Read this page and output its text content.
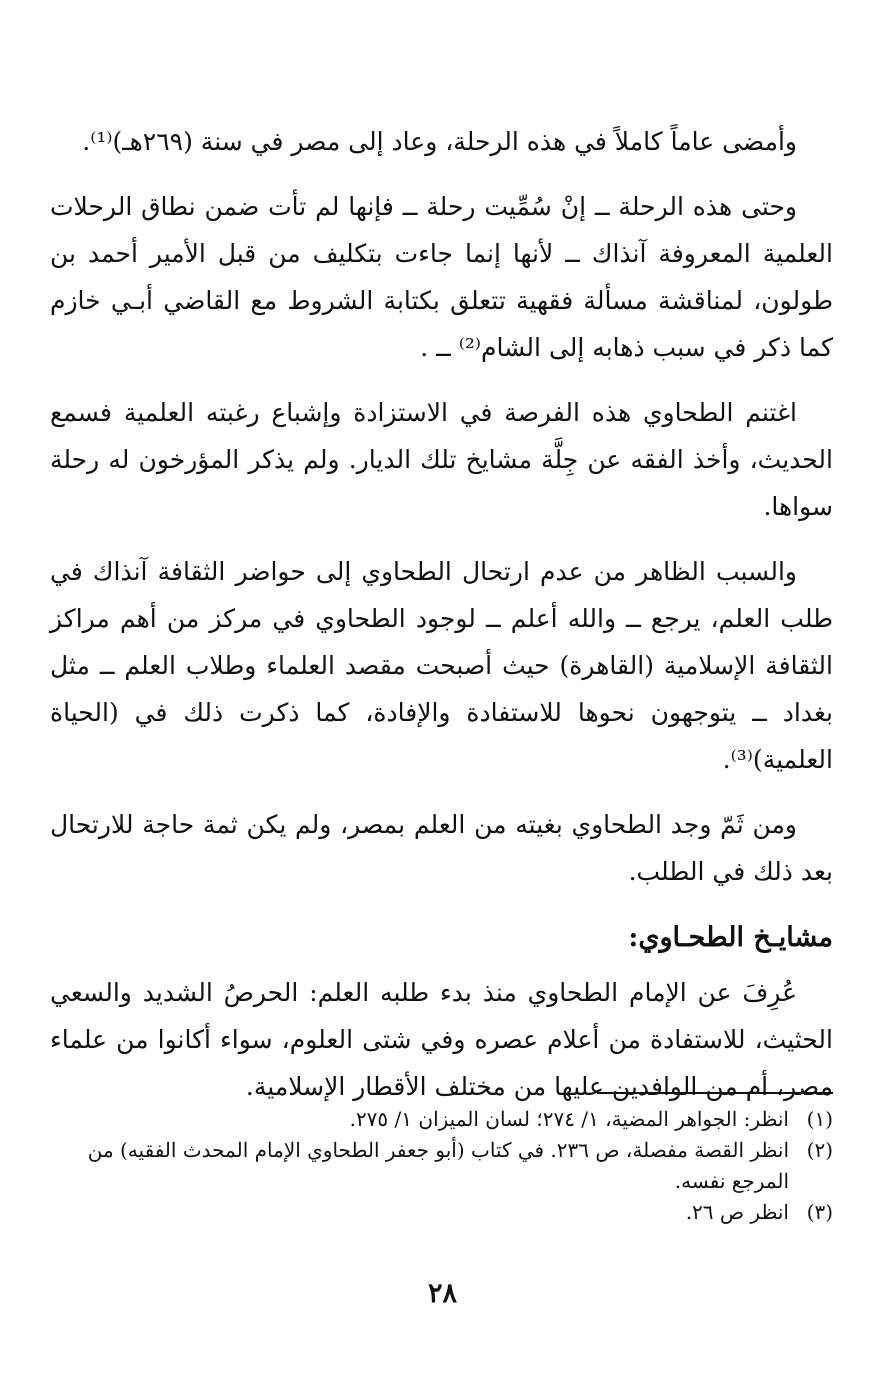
وأمضى عاماً كاملاً في هذه الرحلة، وعاد إلى مصر في سنة (٢٦٩هـ)⁽¹⁾.

وحتى هذه الرحلة ــ إنْ سُمِّيت رحلة ــ فإنها لم تأت ضمن نطاق الرحلات العلمية المعروفة آنذاك ــ لأنها إنما جاءت بتكليف من قبل الأمير أحمد بن طولون، لمناقشة مسألة فقهية تتعلق بكتابة الشروط مع القاضي أبـي خازم كما ذكر في سبب ذهابه إلى الشام⁽²⁾ ــ .

اغتنم الطحاوي هذه الفرصة في الاستزادة وإشباع رغبته العلمية فسمع الحديث، وأخذ الفقه عن جِلَّة مشايخ تلك الديار. ولم يذكر المؤرخون له رحلة سواها.

والسبب الظاهر من عدم ارتحال الطحاوي إلى حواضر الثقافة آنذاك في طلب العلم، يرجع ــ والله أعلم ــ لوجود الطحاوي في مركز من أهم مراكز الثقافة الإسلامية (القاهرة) حيث أصبحت مقصد العلماء وطلاب العلم ــ مثل بغداد ــ يتوجهون نحوها للاستفادة والإفادة، كما ذكرت ذلك في (الحياة العلمية)⁽³⁾.

ومن ثَمّ وجد الطحاوي بغيته من العلم بمصر، ولم يكن ثمة حاجة للارتحال بعد ذلك في الطلب.

مشايـخ الطحـاوي:

عُرِفَ عن الإمام الطحاوي منذ بدء طلبه العلم: الحرصُ الشديد والسعي الحثيث، للاستفادة من أعلام عصره وفي شتى العلوم، سواء أكانوا من علماء مصر، أم من الوافدين عليها من مختلف الأقطار الإسلامية.

(١)
انظر: الجواهر المضية، ١/ ٢٧٤؛ لسان الميزان ١/ ٢٧٥.
(٢)
انظر القصة مفصلة، ص ٢٣٦. في كتاب (أبو جعفر الطحاوي الإمام المحدث الفقيه) من المرجع نفسه.
(٣)
انظر ص ٢٦.
٢٨
